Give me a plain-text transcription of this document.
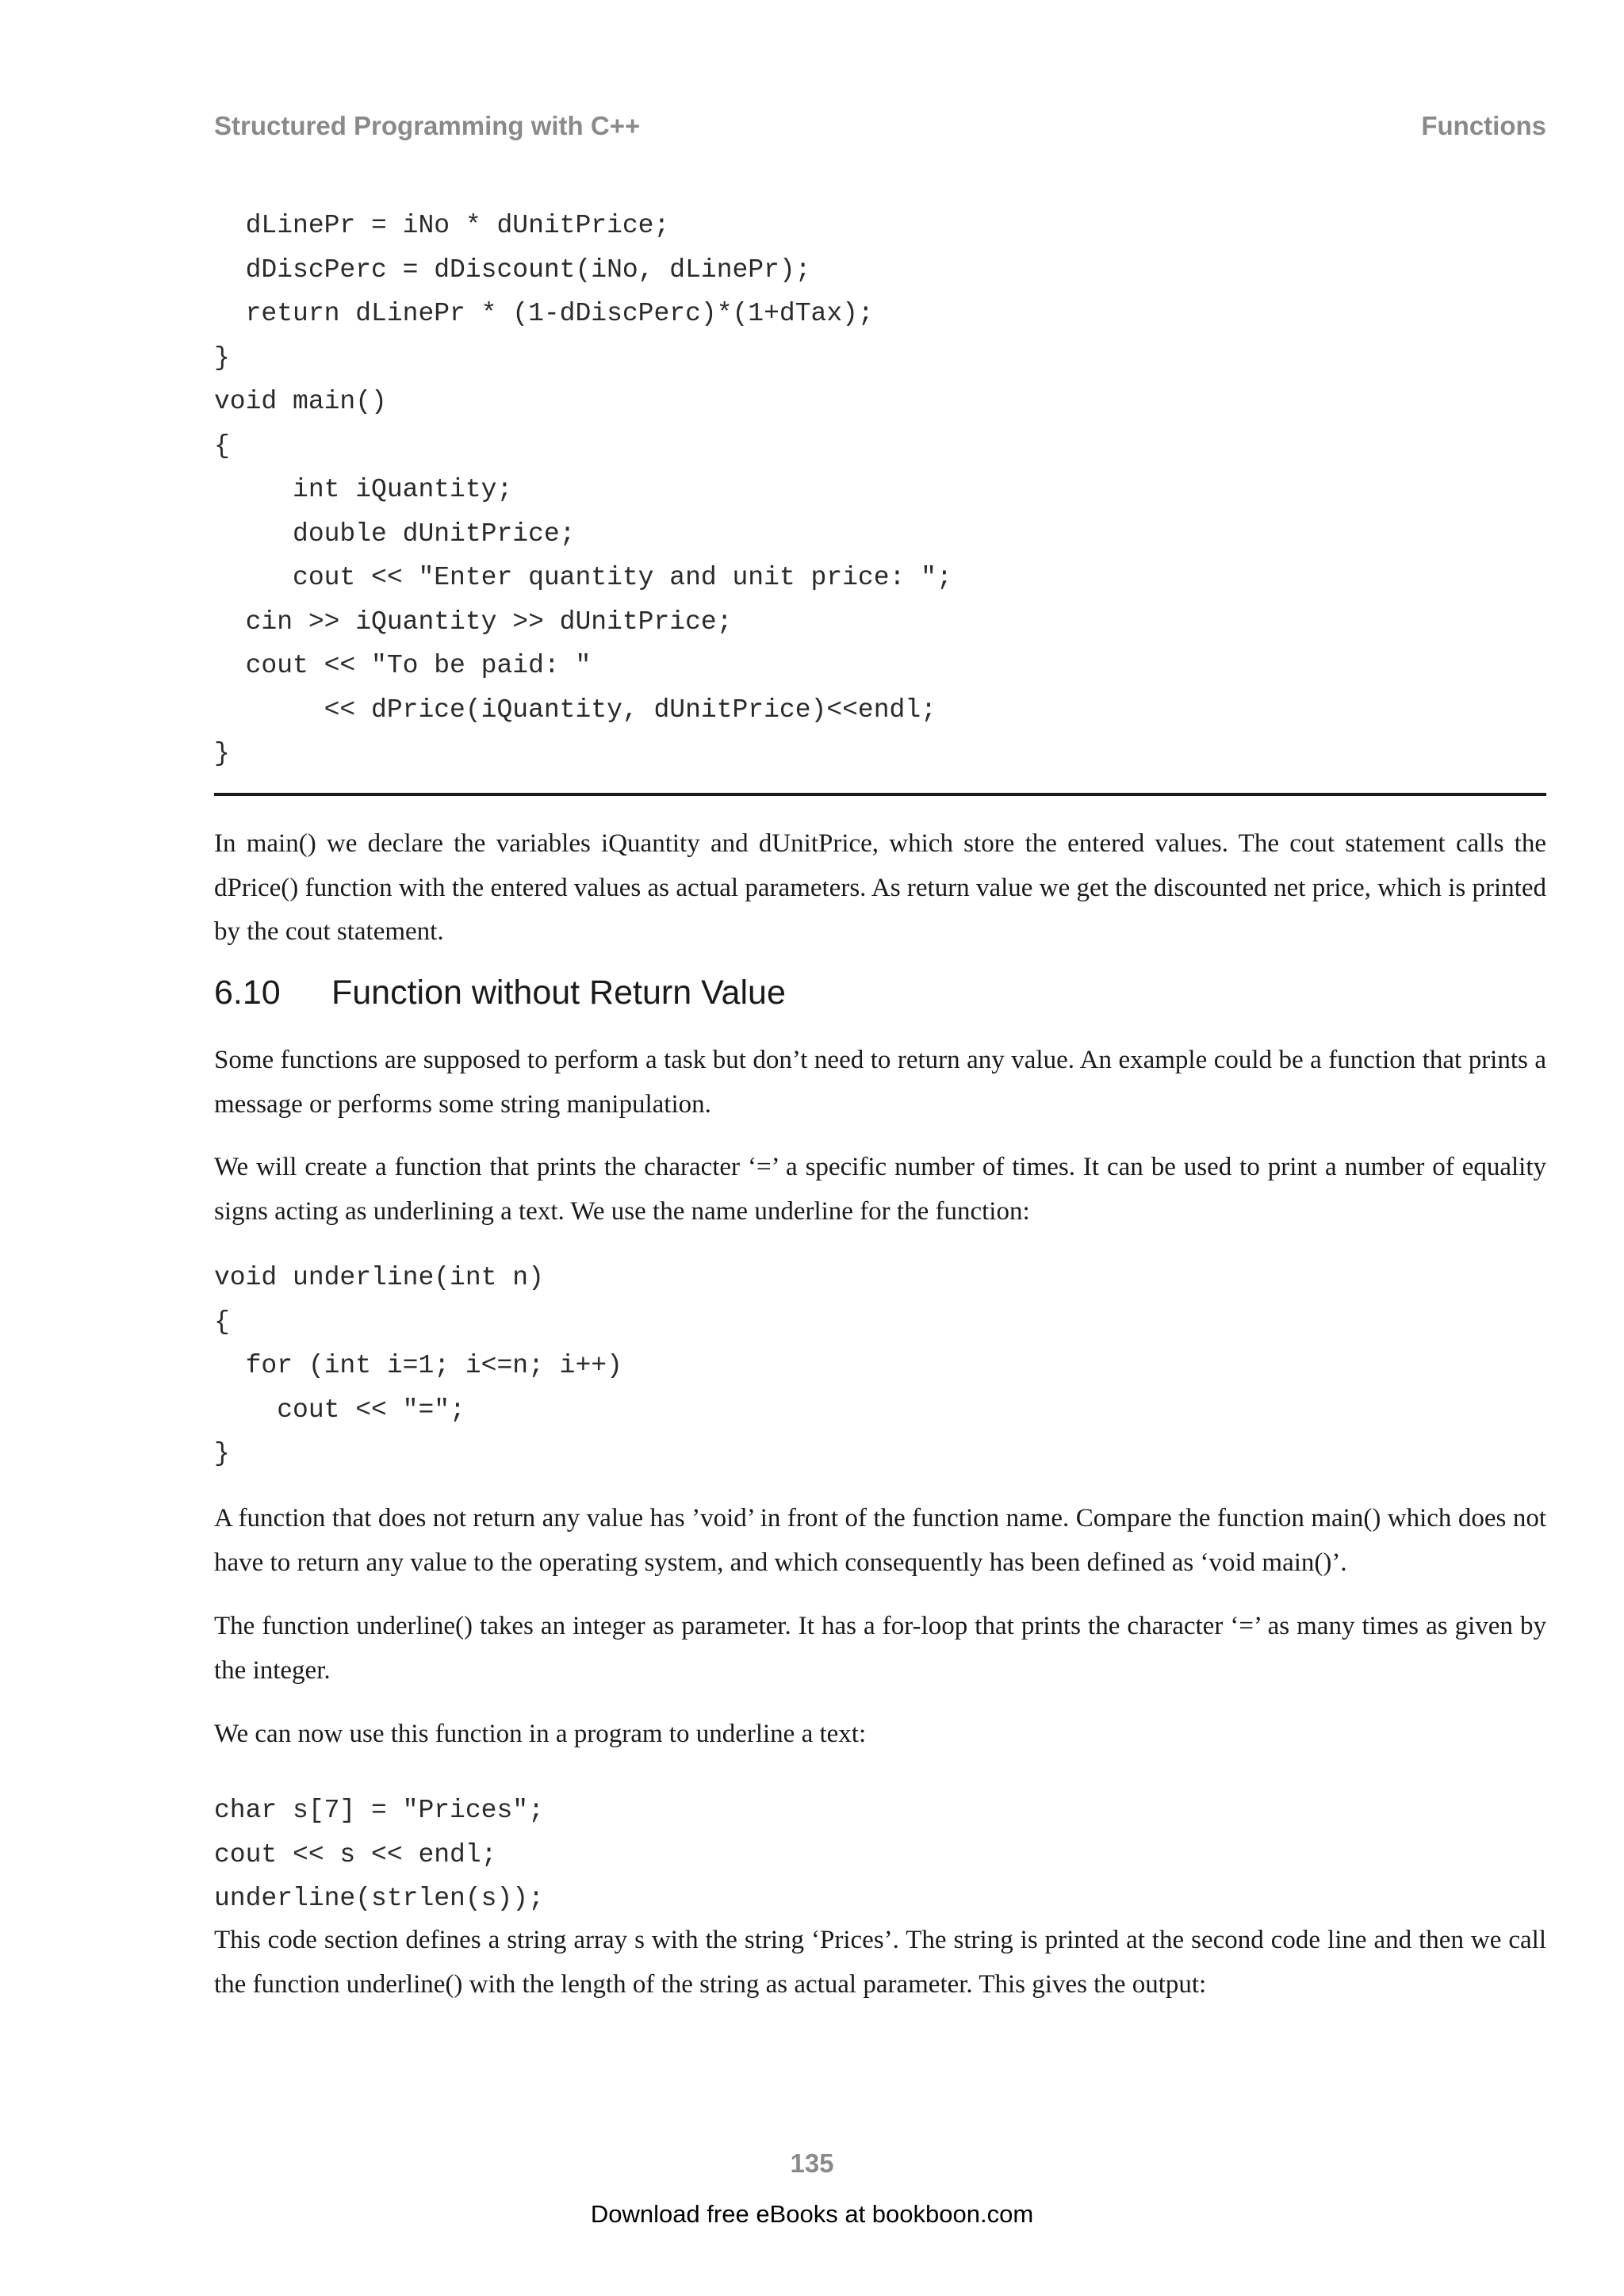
Structured Programming with C++	Functions
dLinePr = iNo * dUnitPrice;
dDiscPerc = dDiscount(iNo, dLinePr);
return dLinePr * (1-dDiscPerc)*(1+dTax);
}
void main()
{
int iQuantity;
double dUnitPrice;
cout << "Enter quantity and unit price: ";
cin >> iQuantity >> dUnitPrice;
cout << "To be paid: "
<< dPrice(iQuantity, dUnitPrice)<<endl;
}

In main() we declare the variables iQuantity and dUnitPrice, which store the entered values. The cout statement calls the dPrice() function with the entered values as actual parameters. As return value we get the discounted net price, which is printed by the cout statement.

6.10 Function without Return Value

Some functions are supposed to perform a task but don’t need to return any value. An example could be a function that prints a message or performs some string manipulation.

We will create a function that prints the character ‘=’ a specific number of times. It can be used to print a number of equality signs acting as underlining a text. We use the name underline for the function:

void underline(int n)
{
for (int i=1; i<=n; i++)
cout << "=";
}

A function that does not return any value has ’void’ in front of the function name. Compare the function main() which does not have to return any value to the operating system, and which consequently has been defined as ‘void main()’.

The function underline() takes an integer as parameter. It has a for-loop that prints the character ‘=’ as many times as given by the integer.

We can now use this function in a program to underline a text:

char s[7] = "Prices";
cout << s << endl;
underline(strlen(s));

This code section defines a string array s with the string ‘Prices’. The string is printed at the second code line and then we call the function underline() with the length of the string as actual parameter. This gives the output:

135
Download free eBooks at bookboon.com
